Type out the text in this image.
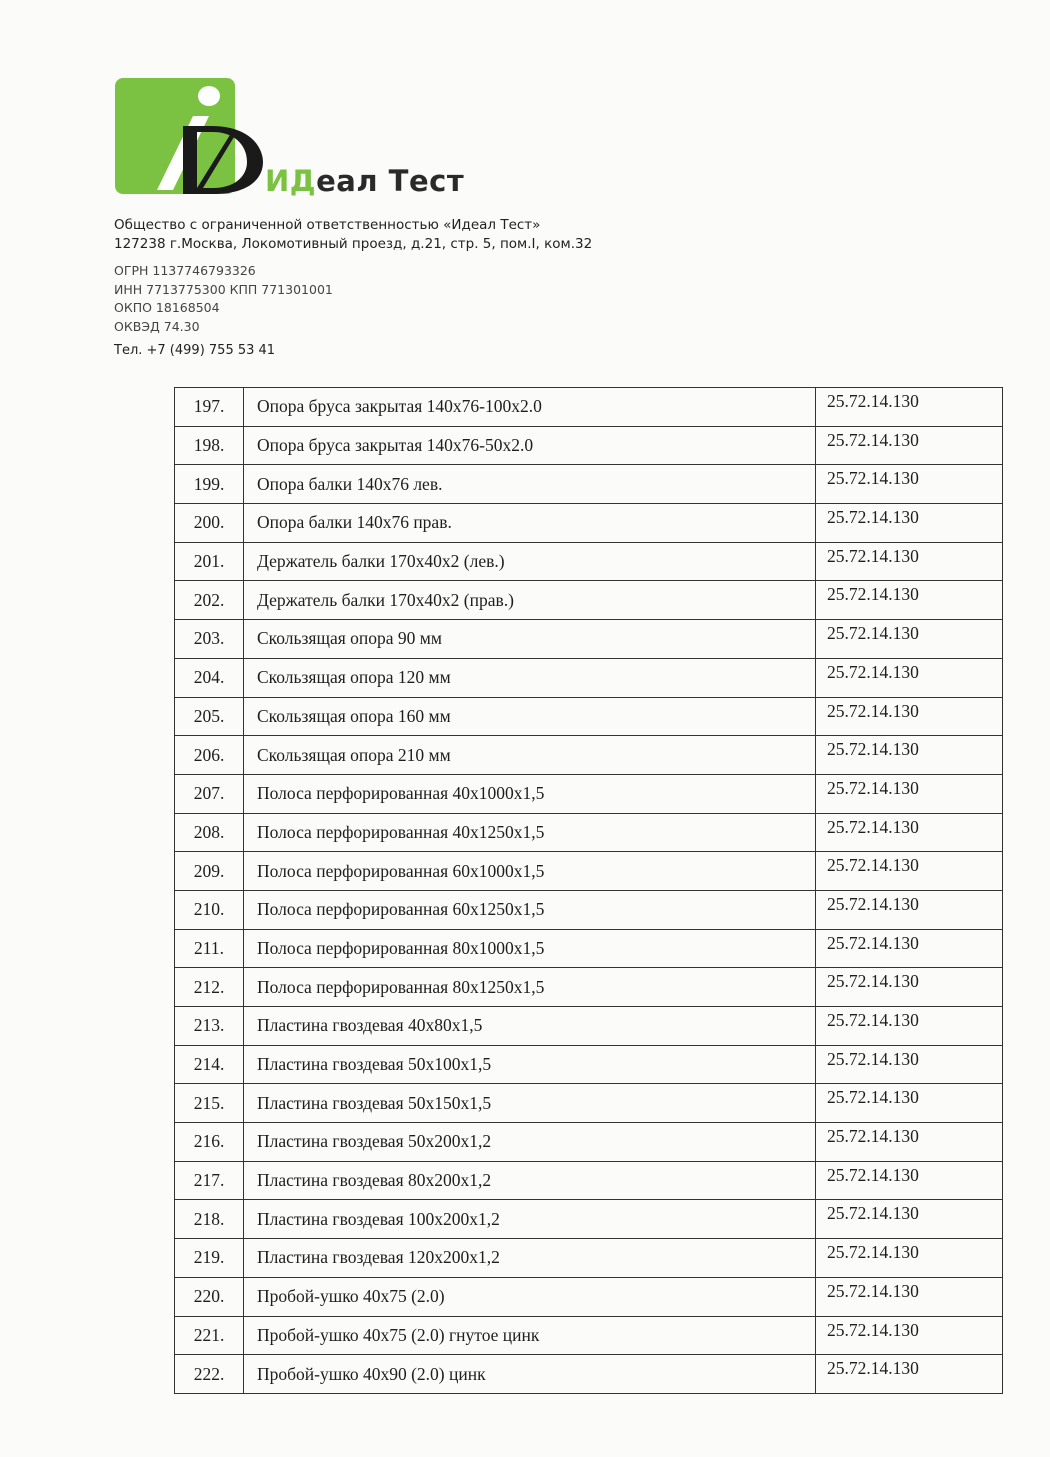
ИДеал Тест
Общество с ограниченной ответственностью «Идеал Тест»
127238 г.Москва, Локомотивный проезд, д.21, стр. 5, пом.I, ком.32
ОГРН 1137746793326
ИНН 7713775300 КПП 771301001
ОКПО 18168504
ОКВЭД 74.30
Тел. +7 (499) 755 53 41
197.	Опора бруса закрытая 140х76-100х2.0	25.72.14.130
198.	Опора бруса закрытая 140х76-50х2.0	25.72.14.130
199.	Опора балки 140х76 лев.	25.72.14.130
200.	Опора балки 140х76 прав.	25.72.14.130
201.	Держатель балки 170х40х2 (лев.)	25.72.14.130
202.	Держатель балки 170х40х2 (прав.)	25.72.14.130
203.	Скользящая опора 90 мм	25.72.14.130
204.	Скользящая опора 120 мм	25.72.14.130
205.	Скользящая опора 160 мм	25.72.14.130
206.	Скользящая опора 210 мм	25.72.14.130
207.	Полоса перфорированная 40х1000х1,5	25.72.14.130
208.	Полоса перфорированная 40х1250х1,5	25.72.14.130
209.	Полоса перфорированная 60х1000х1,5	25.72.14.130
210.	Полоса перфорированная 60х1250х1,5	25.72.14.130
211.	Полоса перфорированная 80х1000х1,5	25.72.14.130
212.	Полоса перфорированная 80х1250х1,5	25.72.14.130
213.	Пластина гвоздевая 40х80х1,5	25.72.14.130
214.	Пластина гвоздевая 50х100х1,5	25.72.14.130
215.	Пластина гвоздевая 50х150х1,5	25.72.14.130
216.	Пластина гвоздевая 50х200х1,2	25.72.14.130
217.	Пластина гвоздевая 80х200х1,2	25.72.14.130
218.	Пластина гвоздевая 100х200х1,2	25.72.14.130
219.	Пластина гвоздевая 120х200х1,2	25.72.14.130
220.	Пробой-ушко 40х75 (2.0)	25.72.14.130
221.	Пробой-ушко 40х75 (2.0) гнутое цинк	25.72.14.130
222.	Пробой-ушко 40х90 (2.0) цинк	25.72.14.130
